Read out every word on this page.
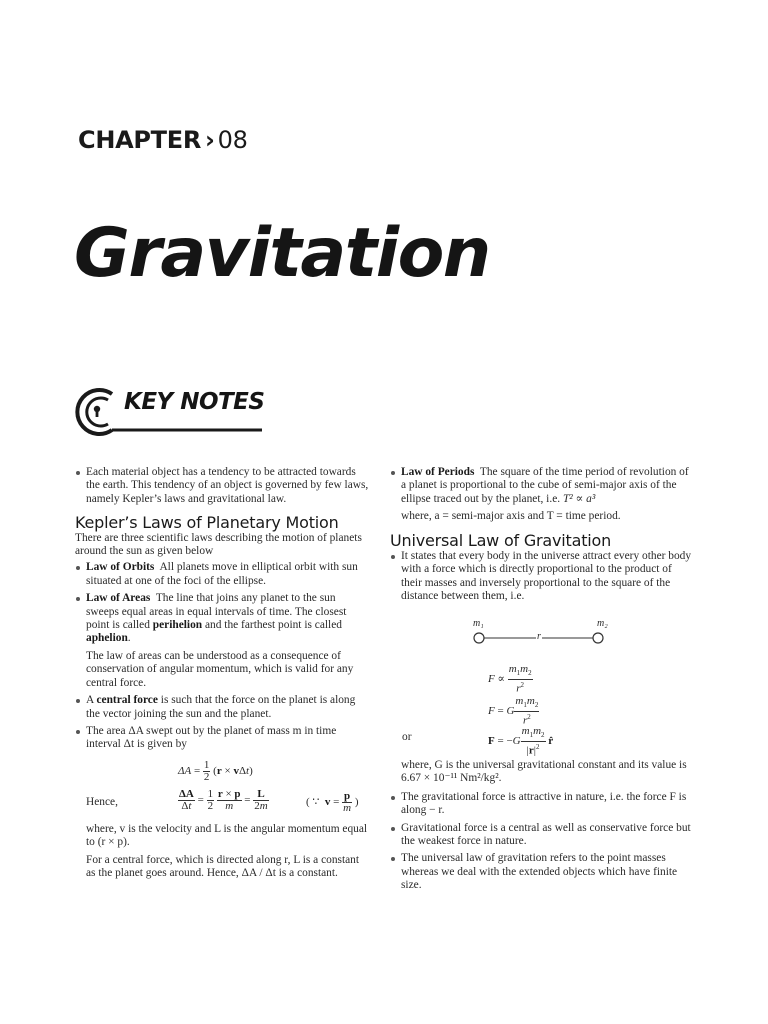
CHAPTER › 08
Gravitation
KEY NOTES
Each material object has a tendency to be attracted towards the earth. This tendency of an object is governed by few laws, namely Kepler’s laws and gravitational law.
Kepler’s Laws of Planetary Motion
There are three scientific laws describing the motion of planets around the sun as given below
Law of Orbits All planets move in elliptical orbit with sun situated at one of the foci of the ellipse.
Law of Areas The line that joins any planet to the sun sweeps equal areas in equal intervals of time. The closest point is called perihelion and the farthest point is called aphelion.
The law of areas can be understood as a consequence of conservation of angular momentum, which is valid for any central force.
A central force is such that the force on the planet is along the vector joining the sun and the planet.
The area ΔA swept out by the planet of mass m in time interval Δt is given by
$\Delta A = \frac{1}{2} (r \times v\Delta t)$
Hence,	$\frac{\Delta A}{\Delta t} = \frac{1}{2}$
$\frac{r \times p}{m} = \frac{L}{2m}$	( ∵  $v = \frac{p}{m}$ )
where, v is the velocity and L is the angular momentum equal to (r × p).
For a central force, which is directed along r, L is a constant as the planet goes around. Hence, ΔA / Δt is a constant.
Law of Periods The square of the time period of revolution of a planet is proportional to the cube of semi-major axis of the ellipse traced out by the planet, i.e. T² ∝ a³
where, a = semi-major axis and T = time period.
Universal Law of Gravitation
It states that every body in the universe attract every other body with a force which is directly proportional to the product of their masses and inversely proportional to the square of the distance between them, i.e.
m₁	m₂
r
$F \propto \frac{m_1m_2}{r^2}$
F = G $\frac{m_1m_2}{r^2}$
or	$F = -G \frac{m_1m_2}{|r|^2}$ r̂
where, G is the universal gravitational constant and its value is 6.67 × 10⁻¹¹ Nm²/kg².
The gravitational force is attractive in nature, i.e. the force F is along − r.
Gravitational force is a central as well as conservative force but the weakest force in nature.
The universal law of gravitation refers to the point masses whereas we deal with the extended objects which have finite size.
